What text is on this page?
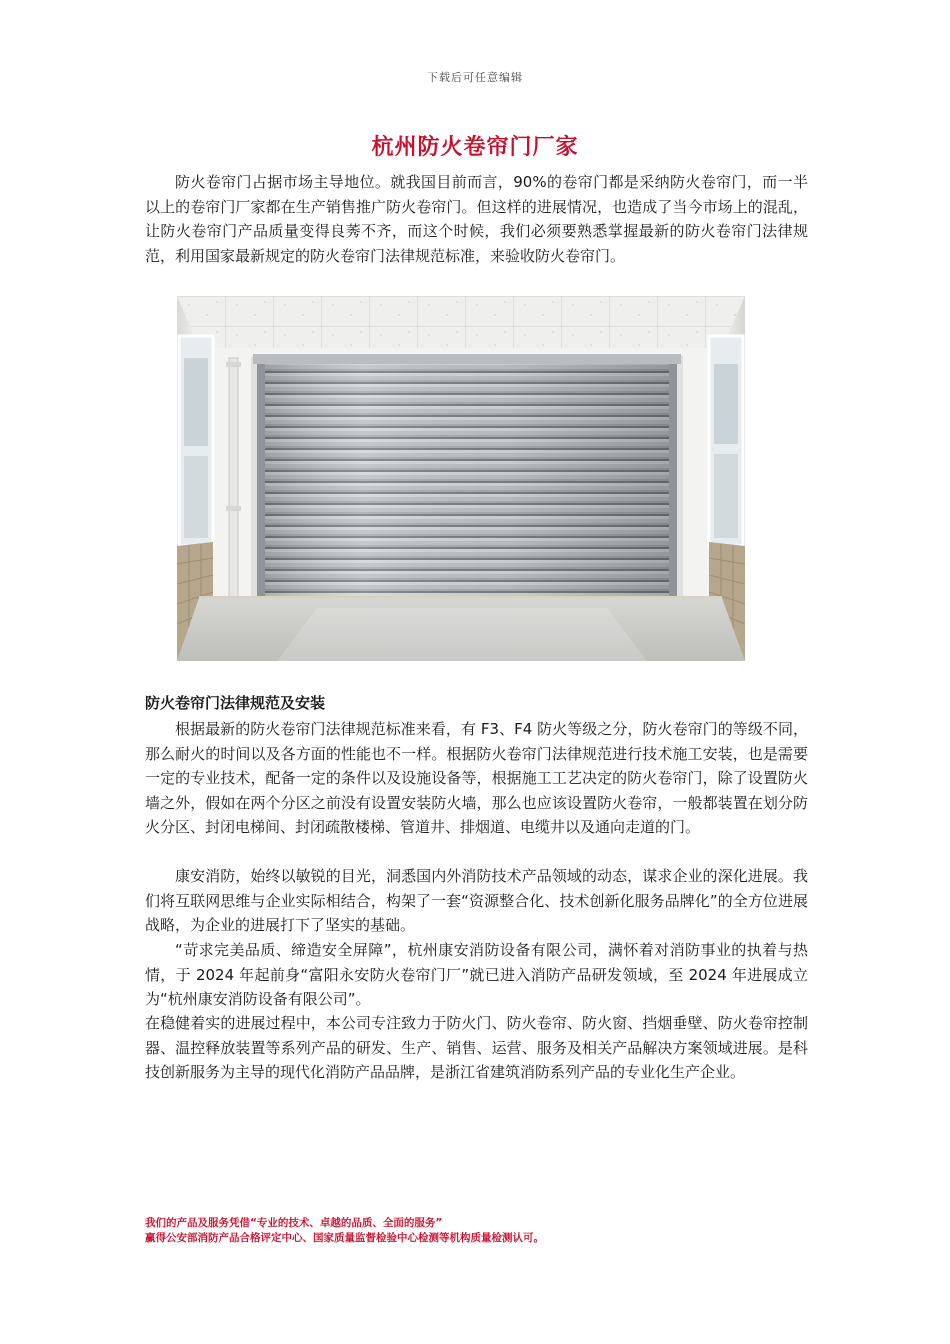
下载后可任意编辑
杭州防火卷帘门厂家

防火卷帘门占据市场主导地位。就我国目前而言，90%的卷帘门都是采纳防火卷帘门，而一半以上的卷帘门厂家都在生产销售推广防火卷帘门。但这样的进展情况，也造成了当今市场上的混乱，让防火卷帘门产品质量变得良莠不齐，而这个时候，我们必须要熟悉掌握最新的防火卷帘门法律规范，利用国家最新规定的防火卷帘门法律规范标准，来验收防火卷帘门。

防火卷帘门法律规范及安装

根据最新的防火卷帘门法律规范标准来看，有 F3、F4 防火等级之分，防火卷帘门的等级不同，那么耐火的时间以及各方面的性能也不一样。根据防火卷帘门法律规范进行技术施工安装，也是需要一定的专业技术，配备一定的条件以及设施设备等，根据施工工艺决定的防火卷帘门，除了设置防火墙之外，假如在两个分区之前没有设置安装防火墙，那么也应该设置防火卷帘，一般都装置在划分防火分区、封闭电梯间、封闭疏散楼梯、管道井、排烟道、电缆井以及通向走道的门。

康安消防，始终以敏锐的目光，洞悉国内外消防技术产品领域的动态，谋求企业的深化进展。我们将互联网思维与企业实际相结合，构架了一套“资源整合化、技术创新化服务品牌化”的全方位进展战略，为企业的进展打下了坚实的基础。

“苛求完美品质、缔造安全屏障”，杭州康安消防设备有限公司，满怀着对消防事业的执着与热情，于 2024 年起前身“富阳永安防火卷帘门厂”就已进入消防产品研发领域，至 2024 年进展成立为“杭州康安消防设备有限公司”。

在稳健着实的进展过程中，本公司专注致力于防火门、防火卷帘、防火窗、挡烟垂壁、防火卷帘控制器、温控释放装置等系列产品的研发、生产、销售、运营、服务及相关产品解决方案领域进展。是科技创新服务为主导的现代化消防产品品牌，是浙江省建筑消防系列产品的专业化生产企业。

我们的产品及服务凭借“专业的技术、卓越的品质、全面的服务”
赢得公安部消防产品合格评定中心、国家质量监督检验中心检测等机构质量检测认可。
